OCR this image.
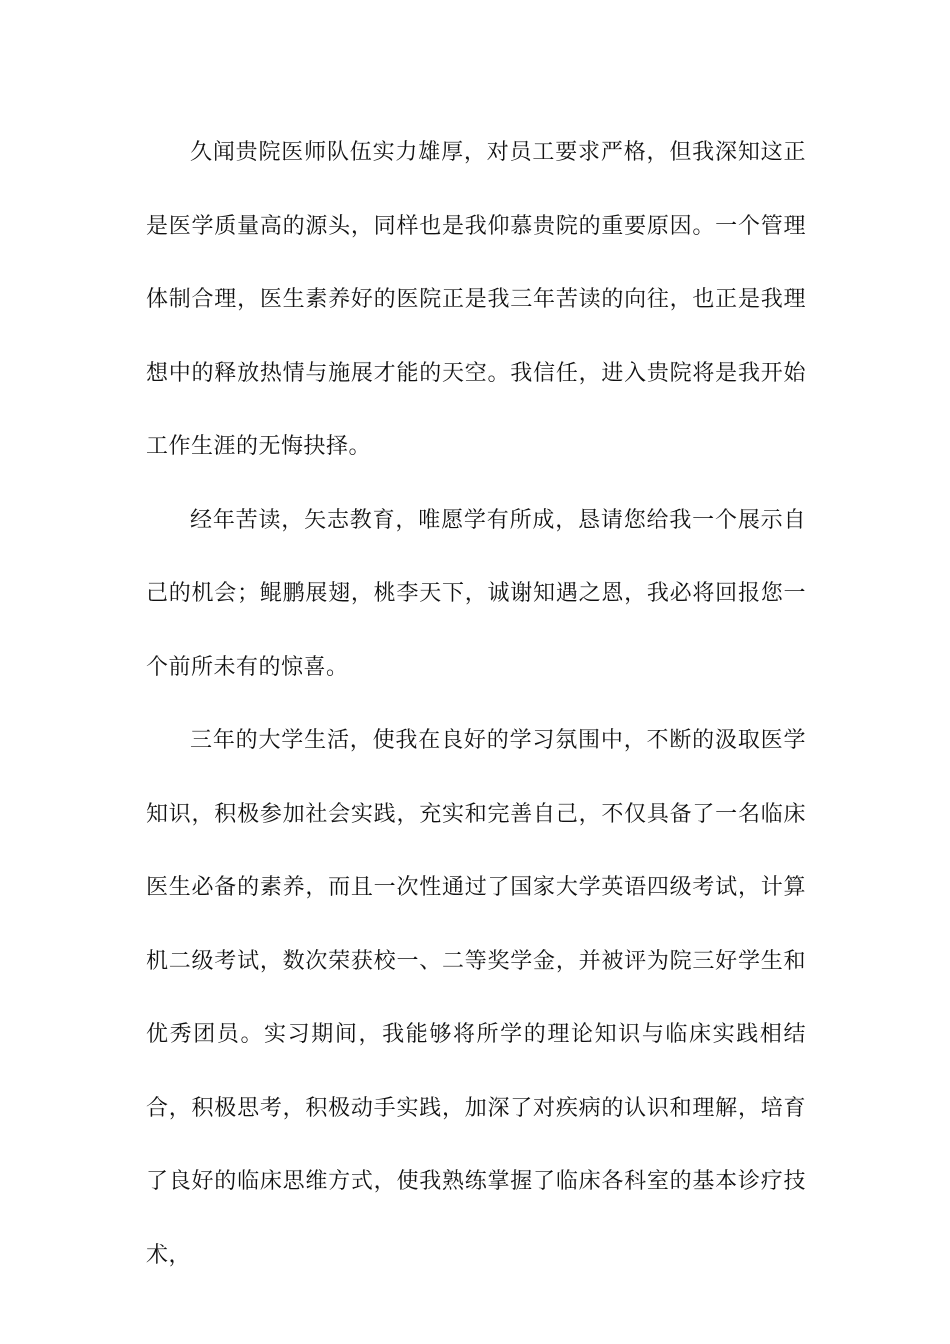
久闻贵院医师队伍实力雄厚，对员工要求严格，但我深知这正是医学质量高的源头，同样也是我仰慕贵院的重要原因。一个管理体制合理，医生素养好的医院正是我三年苦读的向往，也正是我理想中的释放热情与施展才能的天空。我信任，进入贵院将是我开始工作生涯的无悔抉择。

经年苦读，矢志教育，唯愿学有所成，恳请您给我一个展示自己的机会；鲲鹏展翅，桃李天下，诚谢知遇之恩，我必将回报您一个前所未有的惊喜。

三年的大学生活，使我在良好的学习氛围中，不断的汲取医学知识，积极参加社会实践，充实和完善自己，不仅具备了一名临床医生必备的素养，而且一次性通过了国家大学英语四级考试，计算机二级考试，数次荣获校一、二等奖学金，并被评为院三好学生和优秀团员。实习期间，我能够将所学的理论知识与临床实践相结合，积极思考，积极动手实践，加深了对疾病的认识和理解，培育了良好的临床思维方式，使我熟练掌握了临床各科室的基本诊疗技术，
